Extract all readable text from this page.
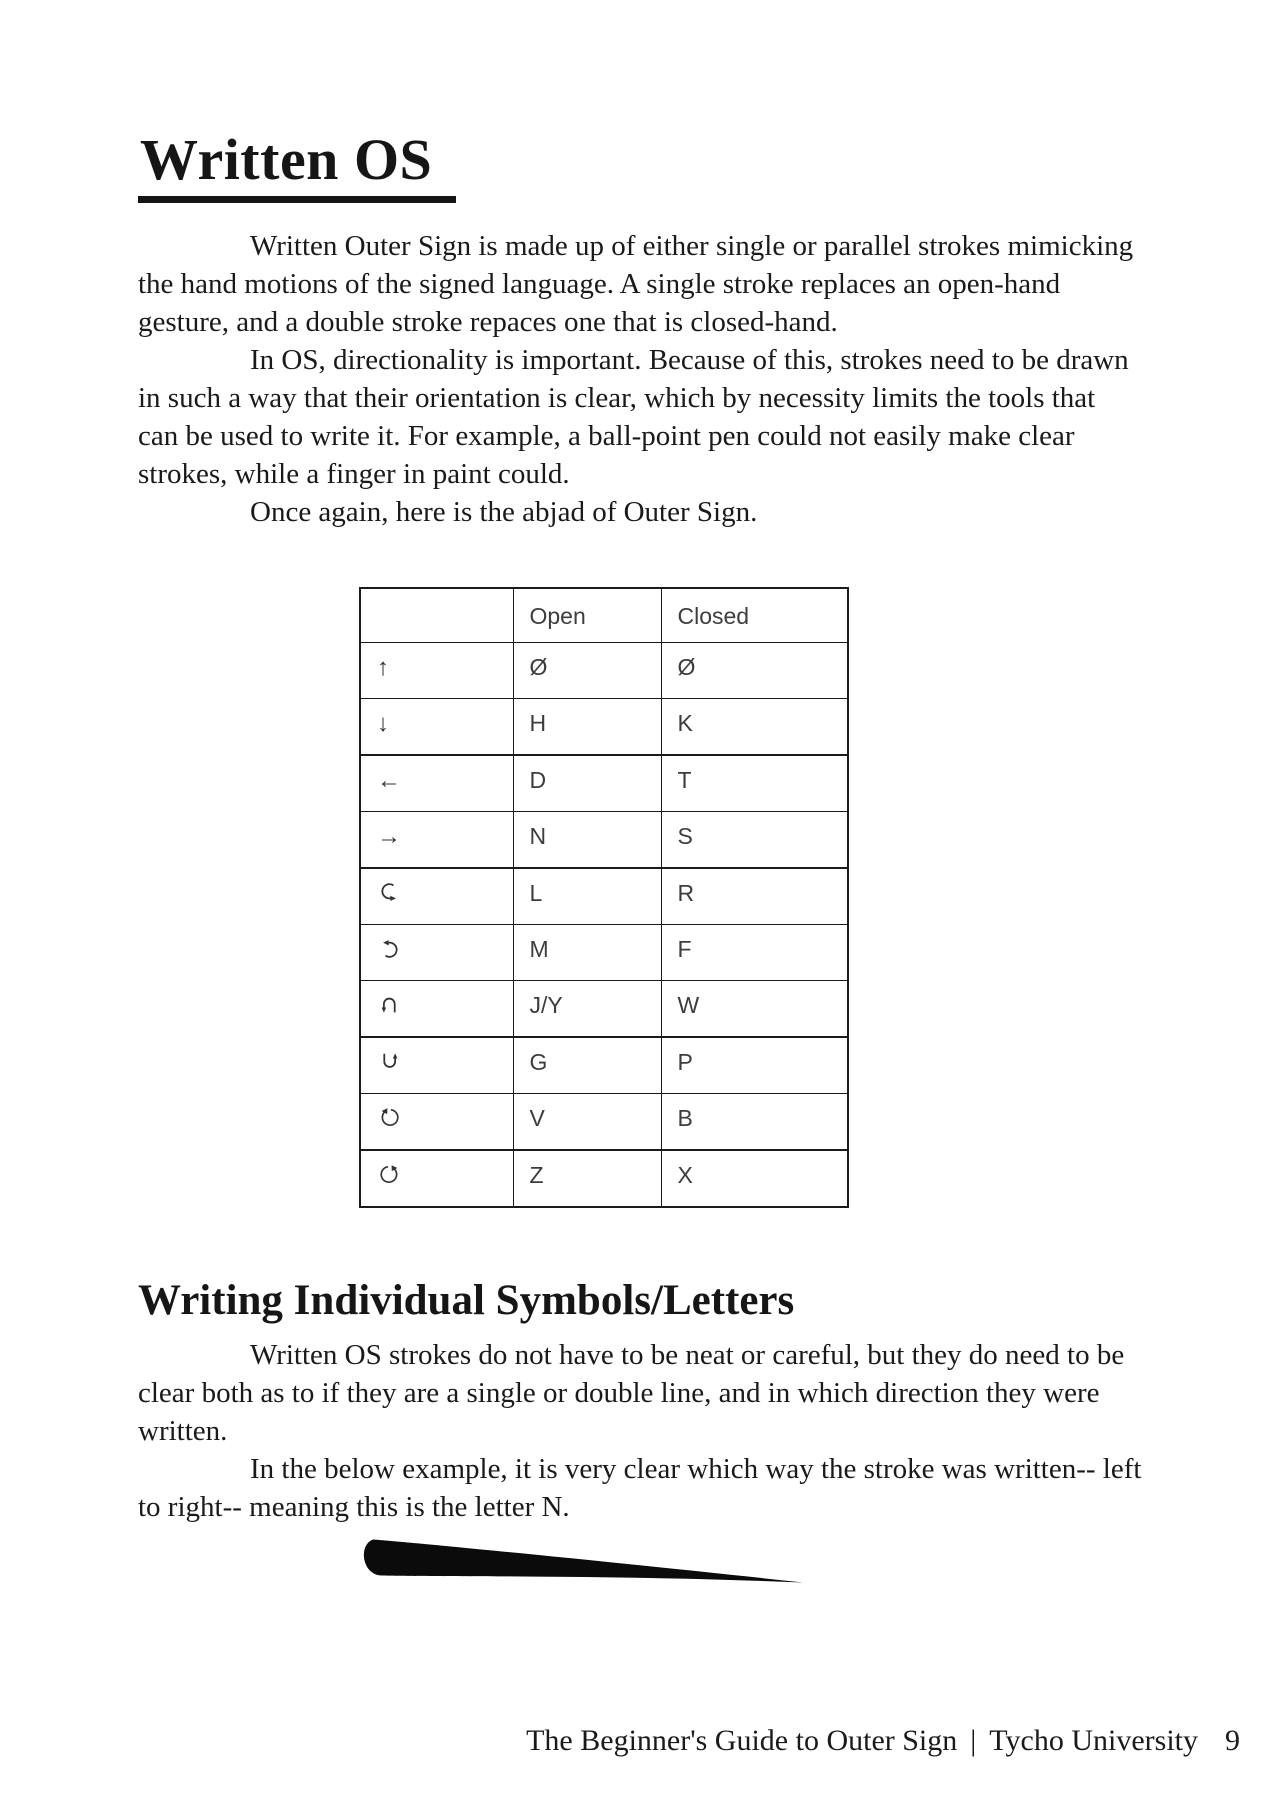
Written OS

Written Outer Sign is made up of either single or parallel strokes mimicking the hand motions of the signed language. A single stroke replaces an open-hand gesture, and a double stroke repaces one that is closed-hand.

In OS, directionality is important. Because of this, strokes need to be drawn in such a way that their orientation is clear, which by necessity limits the tools that can be used to write it. For example, a ball-point pen could not easily make clear strokes, while a finger in paint could.

Once again, here is the abjad of Outer Sign.

	Open	Closed
↑	Ø	Ø
↓	H	K
←	D	T
→	N	S

	L	R

	M	F

	J/Y	W

	G	P

	V	B

	Z	X
Writing Individual Symbols/Letters

Written OS strokes do not have to be neat or careful, but they do need to be clear both as to if they are a single or double line, and in which direction they were written.

In the below example, it is very clear which way the stroke was written-- left to right-- meaning this is the letter N.

The Beginner's Guide to Outer Sign | Tycho University 9
